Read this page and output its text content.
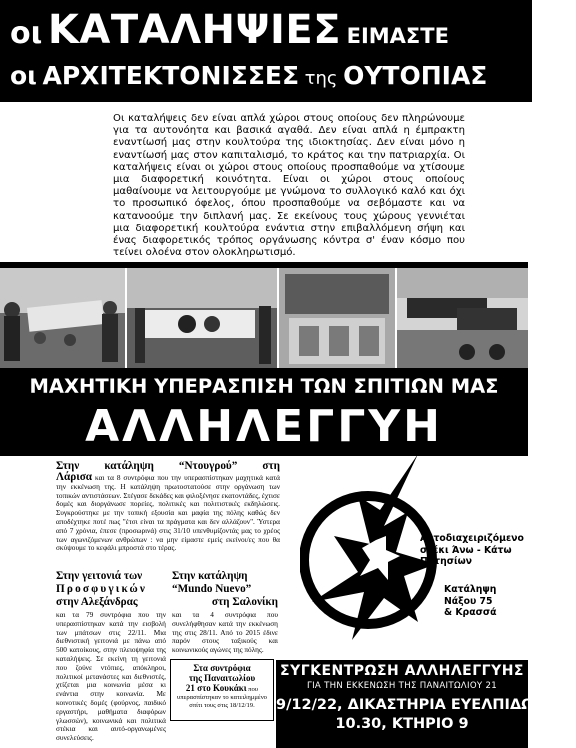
οι ΚΑΤΑΛΗΨΙΕΣ ΕΙΜΑΣΤΕ
οι ΑΡΧΙΤΕΚΤΟΝΙΣΣΕΣ της ΟΥΤΟΠΙΑΣ
Οι καταλήψεις δεν είναι απλά χώροι στους οποίους δεν πληρώνουμε για τα αυτονόητα και βασικά αγαθά. Δεν είναι απλά η έμπρακτη εναντίωσή μας στην κουλτούρα της ιδιοκτησίας. Δεν είναι μόνο η εναντίωσή μας στον καπιταλισμό, το κράτος και την πατριαρχία. Οι καταλήψεις είναι οι χώροι στους οποίους προσπαθούμε να χτίσουμε μια διαφορετική κοινότητα. Είναι οι χώροι στους οποίους μαθαίνουμε να λειτουργούμε με γνώμονα το συλλογικό καλό και όχι το προσωπικό όφελος, όπου προσπαθούμε να σεβόμαστε και να κατανοούμε την διπλανή μας. Σε εκείνους τους χώρους γεννιέται μια διαφορετική κουλτούρα ενάντια στην επιβαλλόμενη σήψη και ένας διαφορετικός τρόπος οργάνωσης κόντρα σ' έναν κόσμο που τείνει ολοένα στον ολοκληρωτισμό.
ΜΑΧΗΤΙΚΗ ΥΠΕΡΑΣΠΙΣΗ ΤΩΝ ΣΠΙΤΙΩΝ ΜΑΣ
ΑΛΛΗΛΕΓΓΥΗ
Στην κατάληψη “Ντουγρού” στη
Λάρισα και τα 8 συντρόφια που την υπερασπίστηκαν μαχητικά κατά την εκκένωση της. Η κατάληψη πρωτοστατούσε στην οργάνωση των τοπικών αντιστάσεων. Στέγασε δεκάδες και φιλοξένησε εκατοντάδες, έχτισε δομές και διοργάνωσε πορείες, πολιτικές και πολιτιστικές εκδηλώσεις. Συγκρούστηκε με την τοπική εξουσία και μαφία της πόλης καθώς δεν αποδέχτηκε ποτέ πως "έτσι είναι τα πράγματα και δεν αλλάζουν". Ύστερα από 7 χρόνια, έπεσε (προσωρινά) στις 31/10 υπενθυμίζοντάς μας το χρέος των αγωνιζόμενων ανθρώπων : να μην είμαστε εμείς εκείνοι/ες που θα σκύψουμε το κεφάλι μπροστά στο τέρας.
Στην γειτονιά των
Προσφυγικών
στην Αλεξάνδρας
και τα 79 συντρόφια που την υπερασπίστηκαν κατά την εισβολή των μπάτσων στις 22/11. Μια διεθνιστική γειτονιά με πάνω από 500 κατοίκους, στην πλειοψηφία της καταλήψεις. Σε εκείνη τη γειτονιά που ζούνε ντόπιες, απόκληροι, πολιτικοί μετανάστες και διεθνιστές, χτίζεται μια κοινωνία μέσα κι ενάντια στην κοινωνία. Με κοινοτικές δομές (φούρνος, παιδικό εργαστήρι, μαθήματα διαφόρων γλωσσών), κοινωνικά και πολιτικά στέκια και αυτό-οργανωμένες συνελεύσεις.
Στην κατάληψη
“Mundo Nuevo”
στη Σαλονίκη
και τα 4 συντρόφια που συνελήφθησαν κατά την εκκένωση της στις 28/11. Από το 2015 έδινε παρόν στους ταξικούς και κοινωνικούς αγώνες της πόλης.
Στα συντρόφια
της Παναιτωλίου
21 στο Κουκάκι που υπερασπίστηκαν το κατειλημμένο σπίτι τους στις 18/12/19.
Αυτοδιαχειριζόμενο στέκι Άνω - Κάτω Πατησίων
Κατάληψη
Νάξου 75
& Κρασσά
ΣΥΓΚΕΝΤΡΩΣΗ ΑΛΛΗΛΕΓΓΥΗΣ
ΓΙΑ ΤΗΝ ΕΚΚΕΝΩΣΗ ΤΗΣ ΠΑΝΑΙΤΩΛΙΟΥ 21
9/12/22, ΔΙΚΑΣΤΗΡΙΑ ΕΥΕΛΠΙΔΩΝ
10.30, ΚΤΗΡΙΟ 9
